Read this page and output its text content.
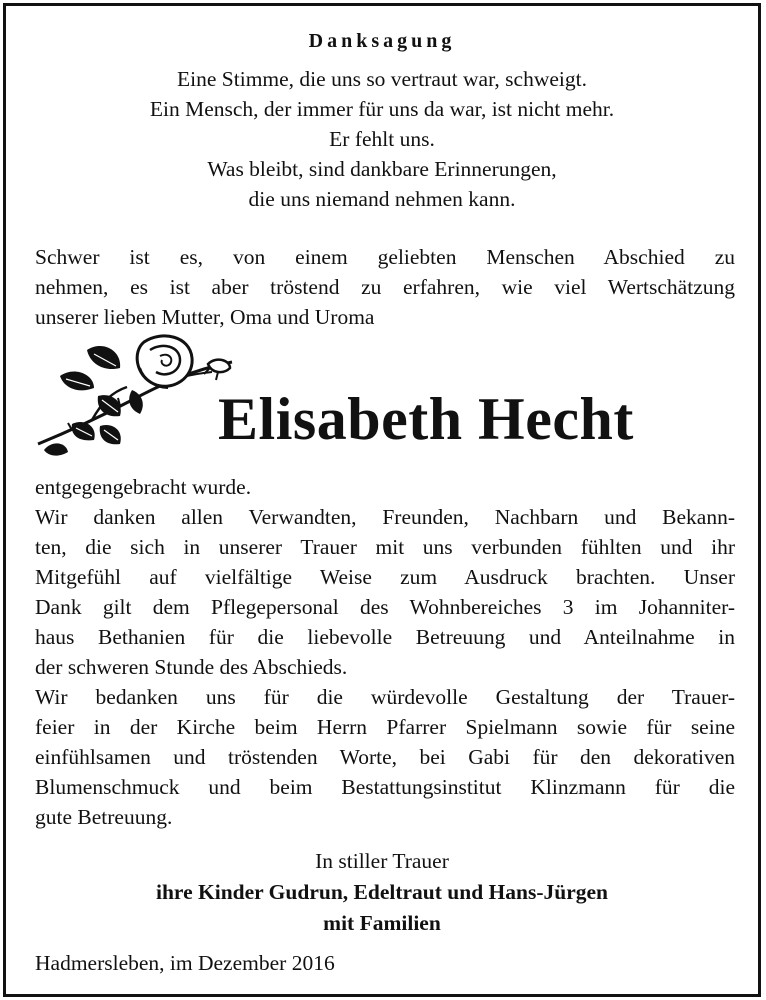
Danksagung
Eine Stimme, die uns so vertraut war, schweigt.
Ein Mensch, der immer für uns da war, ist nicht mehr.
Er fehlt uns.
Was bleibt, sind dankbare Erinnerungen,
die uns niemand nehmen kann.
Schwer ist es, von einem geliebten Menschen Abschied zu
nehmen, es ist aber tröstend zu erfahren, wie viel Wertschätzung
unserer lieben Mutter, Oma und Uroma
Elisabeth Hecht
entgegengebracht wurde.
Wir danken allen Verwandten, Freunden, Nachbarn und Bekann-
ten, die sich in unserer Trauer mit uns verbunden fühlten und ihr
Mitgefühl auf vielfältige Weise zum Ausdruck brachten. Unser
Dank gilt dem Pflegepersonal des Wohnbereiches 3 im Johanniter-
haus Bethanien für die liebevolle Betreuung und Anteilnahme in
der schweren Stunde des Abschieds.
Wir bedanken uns für die würdevolle Gestaltung der Trauer-
feier in der Kirche beim Herrn Pfarrer Spielmann sowie für seine
einfühlsamen und tröstenden Worte, bei Gabi für den dekorativen
Blumenschmuck und beim Bestattungsinstitut Klinzmann für die
gute Betreuung.
In stiller Trauer
ihre Kinder Gudrun, Edeltraut und Hans-Jürgen
mit Familien
Hadmersleben, im Dezember 2016
